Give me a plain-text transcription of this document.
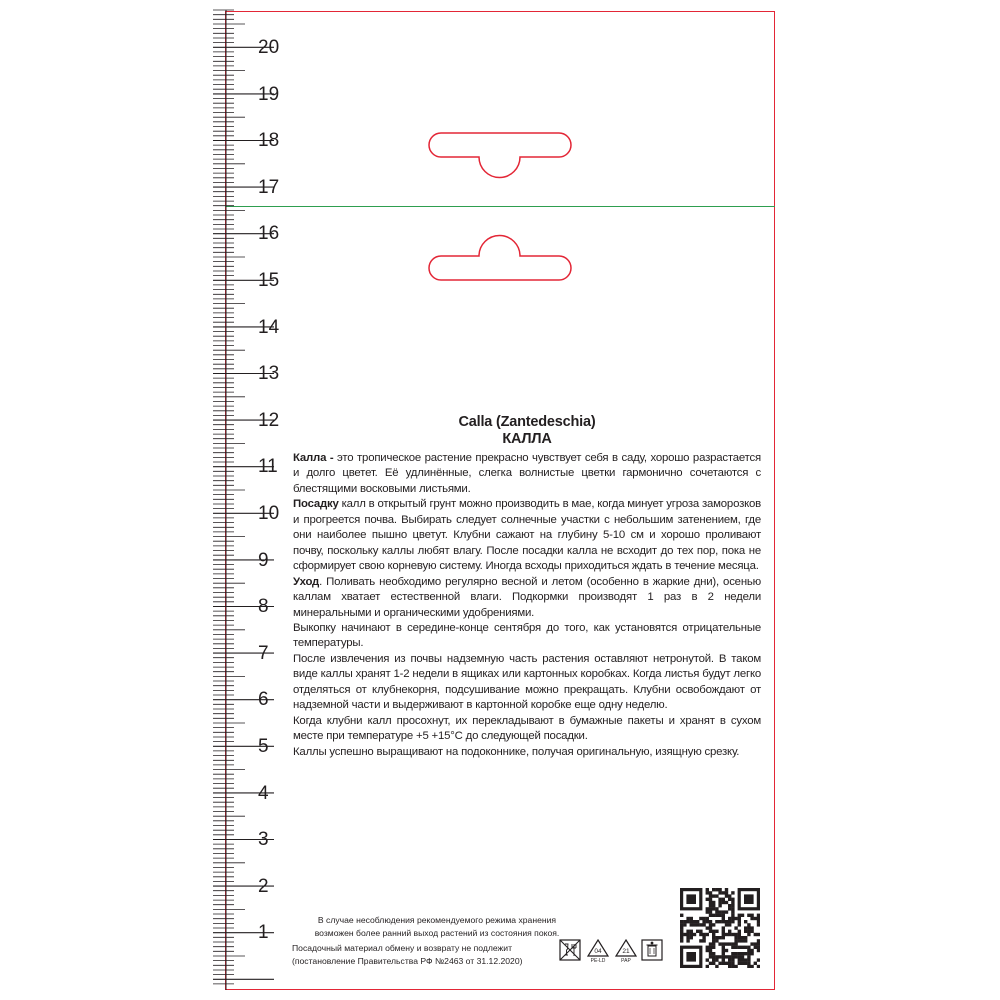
20
19
18
17
16
15
14
13
12
11
10
9
8
7
6
5
4
3
2
1

Calla (Zantedeschia)

КАЛЛА

Калла - это тропическое растение прекрасно чувствует себя в саду, хорошо разрастается и долго цветет. Её удлинённые, слегка волнистые цветки гармонично сочетаются с блестящими восковыми листьями.

Посадку калл в открытый грунт можно производить в мае, когда минует угроза заморозков и прогреется почва. Выбирать следует солнечные участки с небольшим затенением, где они наиболее пышно цветут. Клубни сажают на глубину 5-10 см и хорошо проливают почву, поскольку каллы любят влагу. После посадки калла не всходит до тех пор, пока не сформирует свою корневую систему. Иногда всходы приходиться ждать в течение месяца.

Уход. Поливать необходимо регулярно весной и летом (особенно в жаркие дни), осенью каллам хватает естественной влаги. Подкормки производят 1 раз в 2 недели минеральными и органическими удобрениями.

Выкопку начинают в середине-конце сентября до того, как установятся отрицательные температуры.

После извлечения из почвы надземную часть растения оставляют нетронутой. В таком виде каллы хранят 1-2 недели в ящиках или картонных коробках. Когда листья будут легко отделяться от клубнекорня, подсушивание можно прекращать. Клубни освобождают от надземной части и выдерживают в картонной коробке еще одну неделю.

Когда клубни калл просохнут, их перекладывают в бумажные пакеты и хранят в сухом месте при температуре +5 +15°С до следующей посадки.

Каллы успешно выращивают на подоконнике, получая оригинальную, изящную срезку.

В случае несоблюдения рекомендуемого режима хранения

возможен более ранний выход растений из состояния покоя.

Посадочный материал обмену и возврату не подлежит

(постановление Правительства РФ №2463 от 31.12.2020)

04
PE-LD
21
PAP
